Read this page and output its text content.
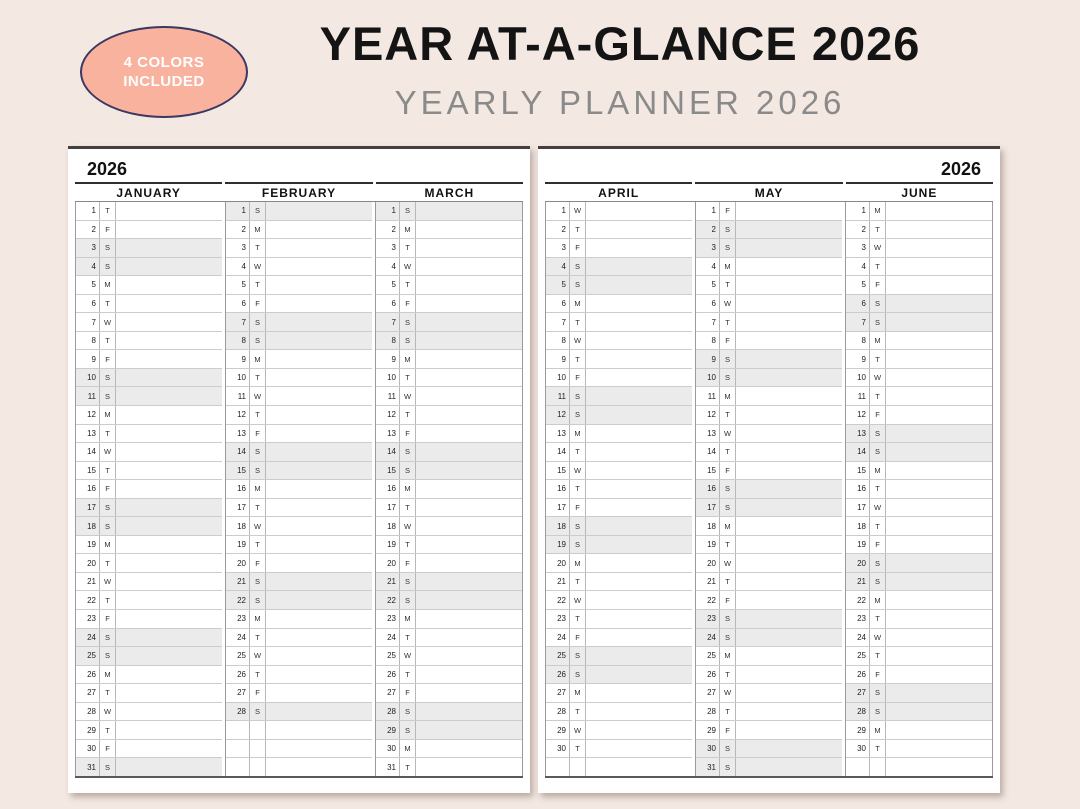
4 COLORS
INCLUDED
YEAR AT-A-GLANCE 2026
YEARLY PLANNER 2026
2026
JANUARY	FEBRUARY	MARCH
1	T
2	F
3	S
4	S
5	M
6	T
7	W
8	T
9	F
10	S
11	S
12	M
13	T
14	W
15	T
16	F
17	S
18	S
19	M
20	T
21	W
22	T
23	F
24	S
25	S
26	M
27	T
28	W
29	T
30	F
31	S
1	S
2	M
3	T
4	W
5	T
6	F
7	S
8	S
9	M
10	T
11	W
12	T
13	F
14	S
15	S
16	M
17	T
18	W
19	T
20	F
21	S
22	S
23	M
24	T
25	W
26	T
27	F
28	S
1	S
2	M
3	T
4	W
5	T
6	F
7	S
8	S
9	M
10	T
11	W
12	T
13	F
14	S
15	S
16	M
17	T
18	W
19	T
20	F
21	S
22	S
23	M
24	T
25	W
26	T
27	F
28	S
29	S
30	M
31	T
2026
APRIL	MAY	JUNE
1	W
2	T
3	F
4	S
5	S
6	M
7	T
8	W
9	T
10	F
11	S
12	S
13	M
14	T
15	W
16	T
17	F
18	S
19	S
20	M
21	T
22	W
23	T
24	F
25	S
26	S
27	M
28	T
29	W
30	T
1	F
2	S
3	S
4	M
5	T
6	W
7	T
8	F
9	S
10	S
11	M
12	T
13	W
14	T
15	F
16	S
17	S
18	M
19	T
20	W
21	T
22	F
23	S
24	S
25	M
26	T
27	W
28	T
29	F
30	S
31	S
1	M
2	T
3	W
4	T
5	F
6	S
7	S
8	M
9	T
10	W
11	T
12	F
13	S
14	S
15	M
16	T
17	W
18	T
19	F
20	S
21	S
22	M
23	T
24	W
25	T
26	F
27	S
28	S
29	M
30	T
